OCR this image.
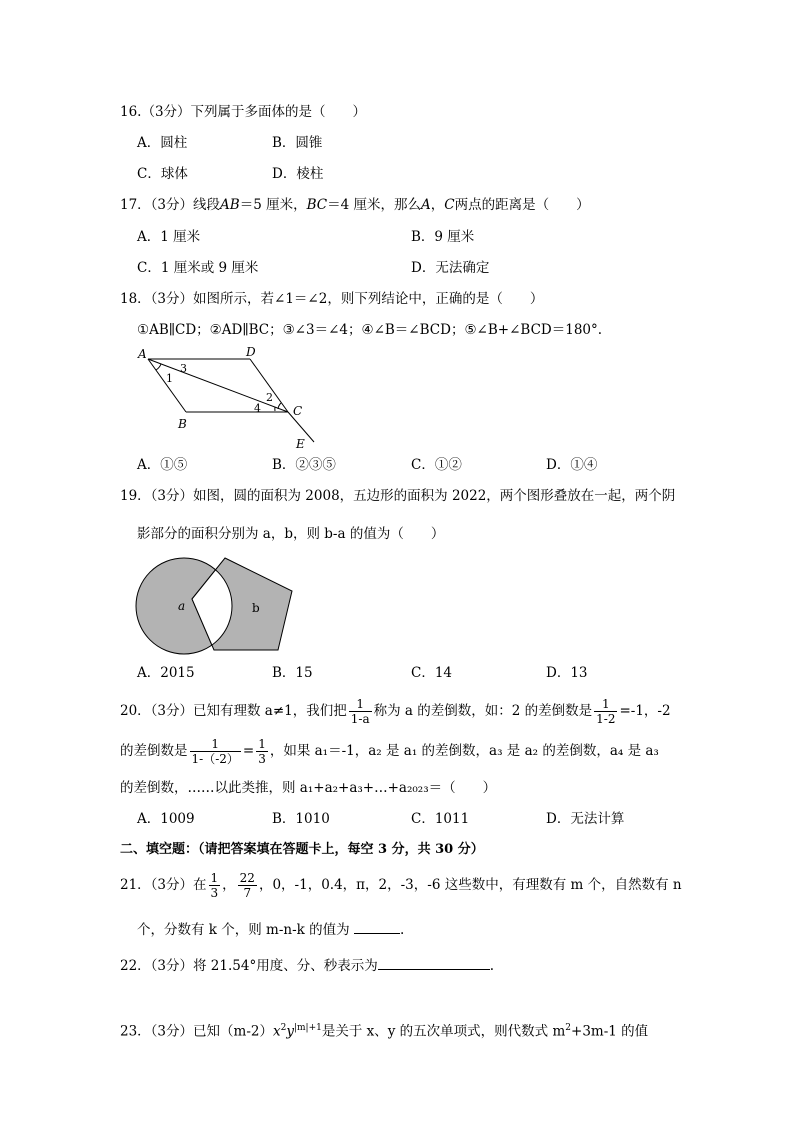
16.（3分）下列属于多面体的是（　　）
A．圆柱	B．圆锥
C．球体	D．棱柱
17．（3分）线段AB＝5 厘米，BC＝4 厘米，那么A，C两点的距离是（　　）
A．1 厘米	B．9 厘米
C．1 厘米或 9 厘米	D．无法确定
18．（3分）如图所示，若∠1＝∠2，则下列结论中，正确的是（　　）
①AB∥CD；②AD∥BC；③∠3＝∠4；④∠B＝∠BCD；⑤∠B+∠BCD＝180°.
A	D
B
C
E
1
3
2
4
A．①⑤	B．②③⑤	C．①②	D．①④
19．（3分）如图，圆的面积为 2008，五边形的面积为 2022，两个图形叠放在一起，两个阴
影部分的面积分别为 a，b，则 b-a 的值为（　　）
a	b
A．2015	B．15	C．14	D．13
20．（3分）已知有理数 a≠1，我们把 $\frac{1}{1-a}$ 称为 a 的差倒数，如：2 的差倒数是 $\frac{1}{1-2} =-1$，-2
的差倒数是 $\frac{1}{1-(-2)} = \frac{1}{3}$ ，如果 a₁＝-1，a₂ 是 a₁ 的差倒数，a₃ 是 a₂ 的差倒数，a₄ 是 a₃
的差倒数，……以此类推，则 a₁+a₂+a₃+…+a₂₀₂₃＝（　　）
A．1009	B．1010	C．1011	D．无法计算
二、填空题：（请把答案填在答题卡上，每空 3 分，共 30 分）
21．（3分）在 $\frac{1}{3}$ ， $\frac{22}{7}$ ，0，-1，0.4，π，2，-3，-6 这些数中，有理数有 m 个，自然数有 n
个，分数有 k 个，则 m-n-k 的值为	.
22．（3分）将 21.54°用度、分、秒表示为	.
23．（3分）已知$(m-2)x^2y^{|m|+1}$是关于 x、y 的五次单项式，则代数式 $m^2+3m-1$ 的值
